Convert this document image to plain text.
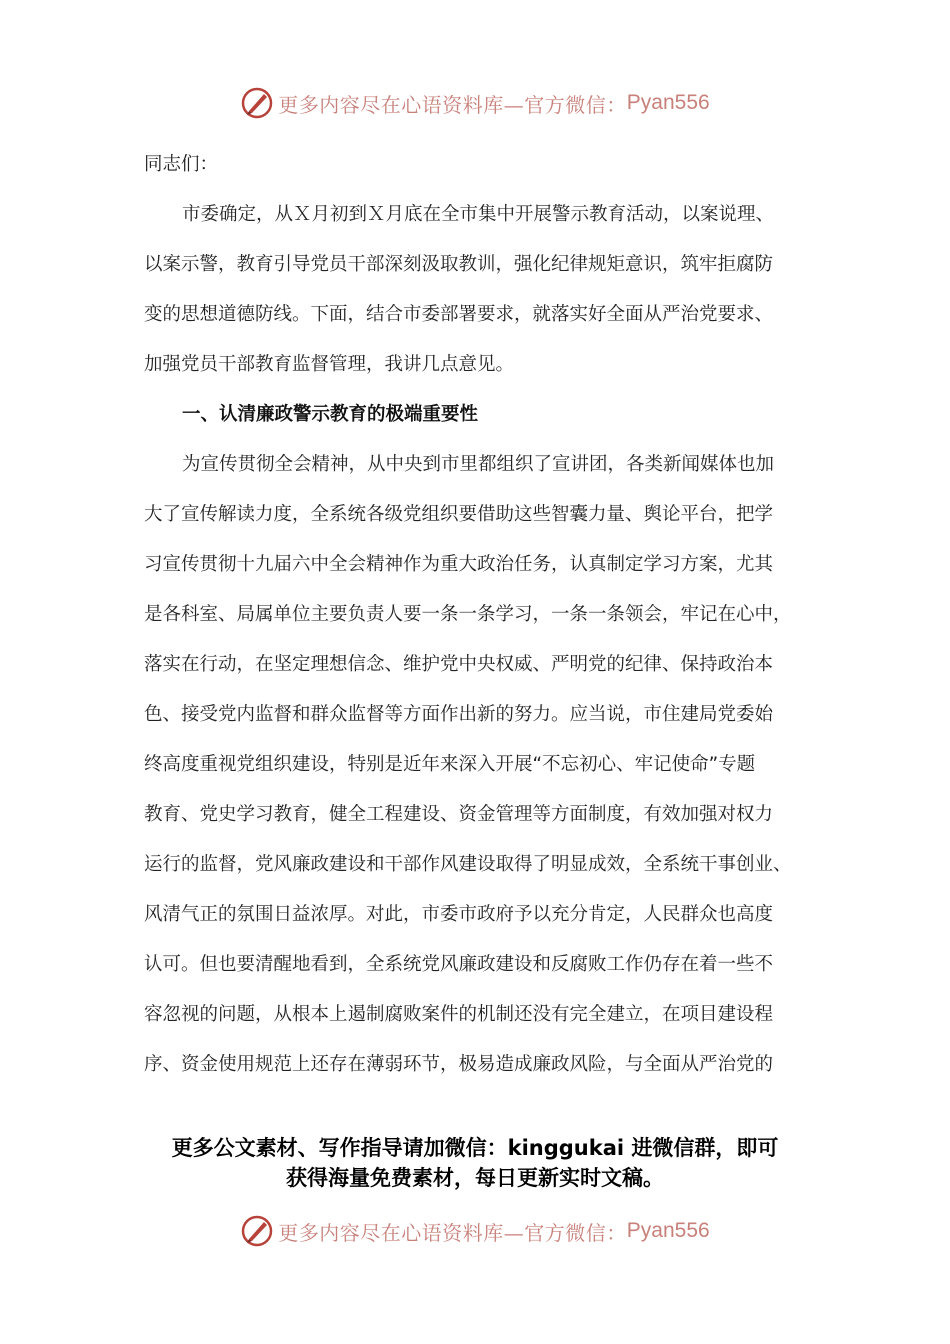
更多内容尽在心语资料库—官方微信： Pyan556
同志们：
市委确定，从Ｘ月初到Ｘ月底在全市集中开展警示教育活动，以案说理、
以案示警，教育引导党员干部深刻汲取教训，强化纪律规矩意识，筑牢拒腐防
变的思想道德防线。下面，结合市委部署要求，就落实好全面从严治党要求、
加强党员干部教育监督管理，我讲几点意见。
一、认清廉政警示教育的极端重要性
为宣传贯彻全会精神，从中央到市里都组织了宣讲团，各类新闻媒体也加
大了宣传解读力度，全系统各级党组织要借助这些智囊力量、舆论平台，把学
习宣传贯彻十九届六中全会精神作为重大政治任务，认真制定学习方案，尤其
是各科室、局属单位主要负责人要一条一条学习，一条一条领会，牢记在心中，
落实在行动，在坚定理想信念、维护党中央权威、严明党的纪律、保持政治本
色、接受党内监督和群众监督等方面作出新的努力。应当说，市住建局党委始
终高度重视党组织建设，特别是近年来深入开展“不忘初心、牢记使命”专题
教育、党史学习教育，健全工程建设、资金管理等方面制度，有效加强对权力
运行的监督，党风廉政建设和干部作风建设取得了明显成效，全系统干事创业、
风清气正的氛围日益浓厚。对此，市委市政府予以充分肯定，人民群众也高度
认可。但也要清醒地看到，全系统党风廉政建设和反腐败工作仍存在着一些不
容忽视的问题，从根本上遏制腐败案件的机制还没有完全建立，在项目建设程
序、资金使用规范上还存在薄弱环节，极易造成廉政风险，与全面从严治党的
更多公文素材、写作指导请加微信：kinggukai 进微信群，即可
获得海量免费素材，每日更新实时文稿。
更多内容尽在心语资料库—官方微信： Pyan556
